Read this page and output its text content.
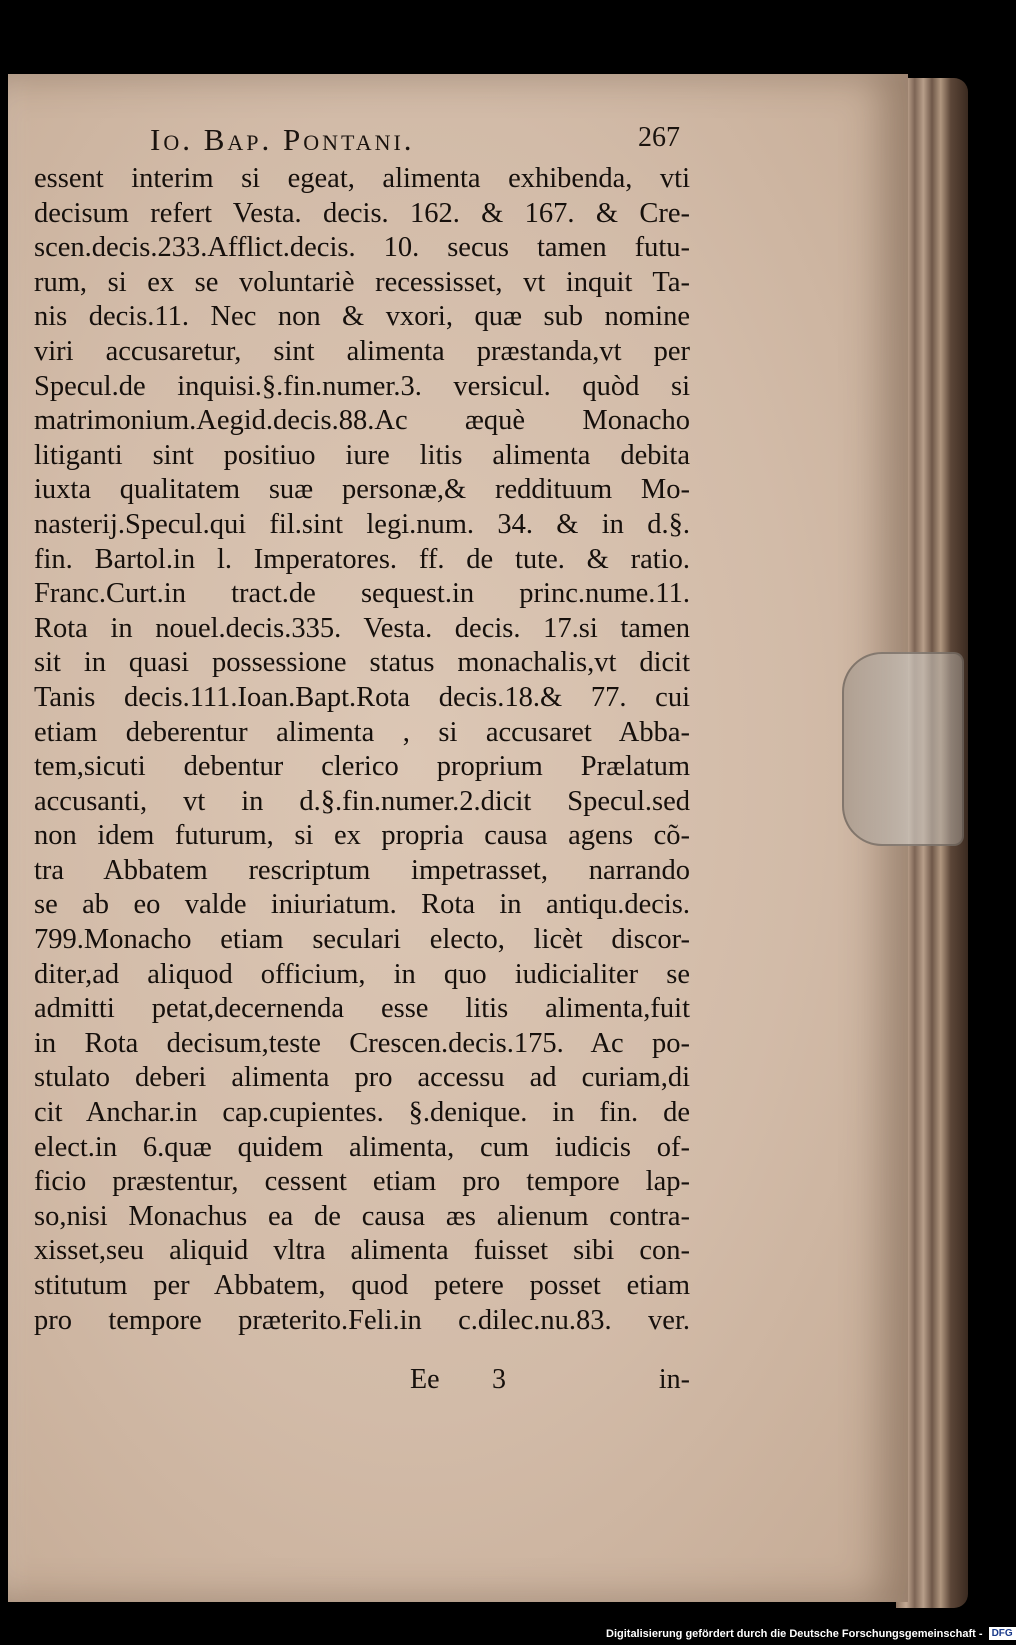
Io. Bap. Pontani.	267
essent interim si egeat, alimenta exhibenda, vti
decisum refert Vesta. decis. 162. & 167. & Cre-
scen.decis.233.Afflict.decis. 10. secus tamen futu-
rum, si ex se voluntariè recessisset, vt inquit Ta-
nis decis.11. Nec non & vxori, quæ sub nomine
viri accusaretur, sint alimenta præstanda,vt per
Specul.de inquisi.§.fin.numer.3. versicul. quòd si
matrimonium.Aegid.decis.88.Ac æquè Monacho
litiganti sint positiuo iure litis alimenta debita
iuxta qualitatem suæ personæ,& reddituum Mo-
nasterij.Specul.qui fil.sint legi.num. 34. & in d.§.
fin. Bartol.in l. Imperatores. ff. de tute. & ratio.
Franc.Curt.in tract.de sequest.in princ.nume.11.
Rota in nouel.decis.335. Vesta. decis. 17.si tamen
sit in quasi possessione status monachalis,vt dicit
Tanis decis.111.Ioan.Bapt.Rota decis.18.& 77. cui
etiam deberentur alimenta , si accusaret Abba-
tem,sicuti debentur clerico proprium Prælatum
accusanti, vt in d.§.fin.numer.2.dicit Specul.sed
non idem futurum, si ex propria causa agens cõ-
tra Abbatem rescriptum impetrasset, narrando
se ab eo valde iniuriatum. Rota in antiqu.decis.
799.Monacho etiam seculari electo, licèt discor-
diter,ad aliquod officium, in quo iudicialiter se
admitti petat,decernenda esse litis alimenta,fuit
in Rota decisum,teste Crescen.decis.175. Ac po-
stulato deberi alimenta pro accessu ad curiam,di
cit Anchar.in cap.cupientes. §.denique. in fin. de
elect.in 6.quæ quidem alimenta, cum iudicis of-
ficio præstentur, cessent etiam pro tempore lap-
so,nisi Monachus ea de causa æs alienum contra-
xisset,seu aliquid vltra alimenta fuisset sibi con-
stitutum per Abbatem, quod petere posset etiam
pro tempore præterito.Feli.in c.dilec.nu.83. ver.
Ee 3	in-
Digitalisierung gefördert durch die Deutsche Forschungsgemeinschaft - DFG
